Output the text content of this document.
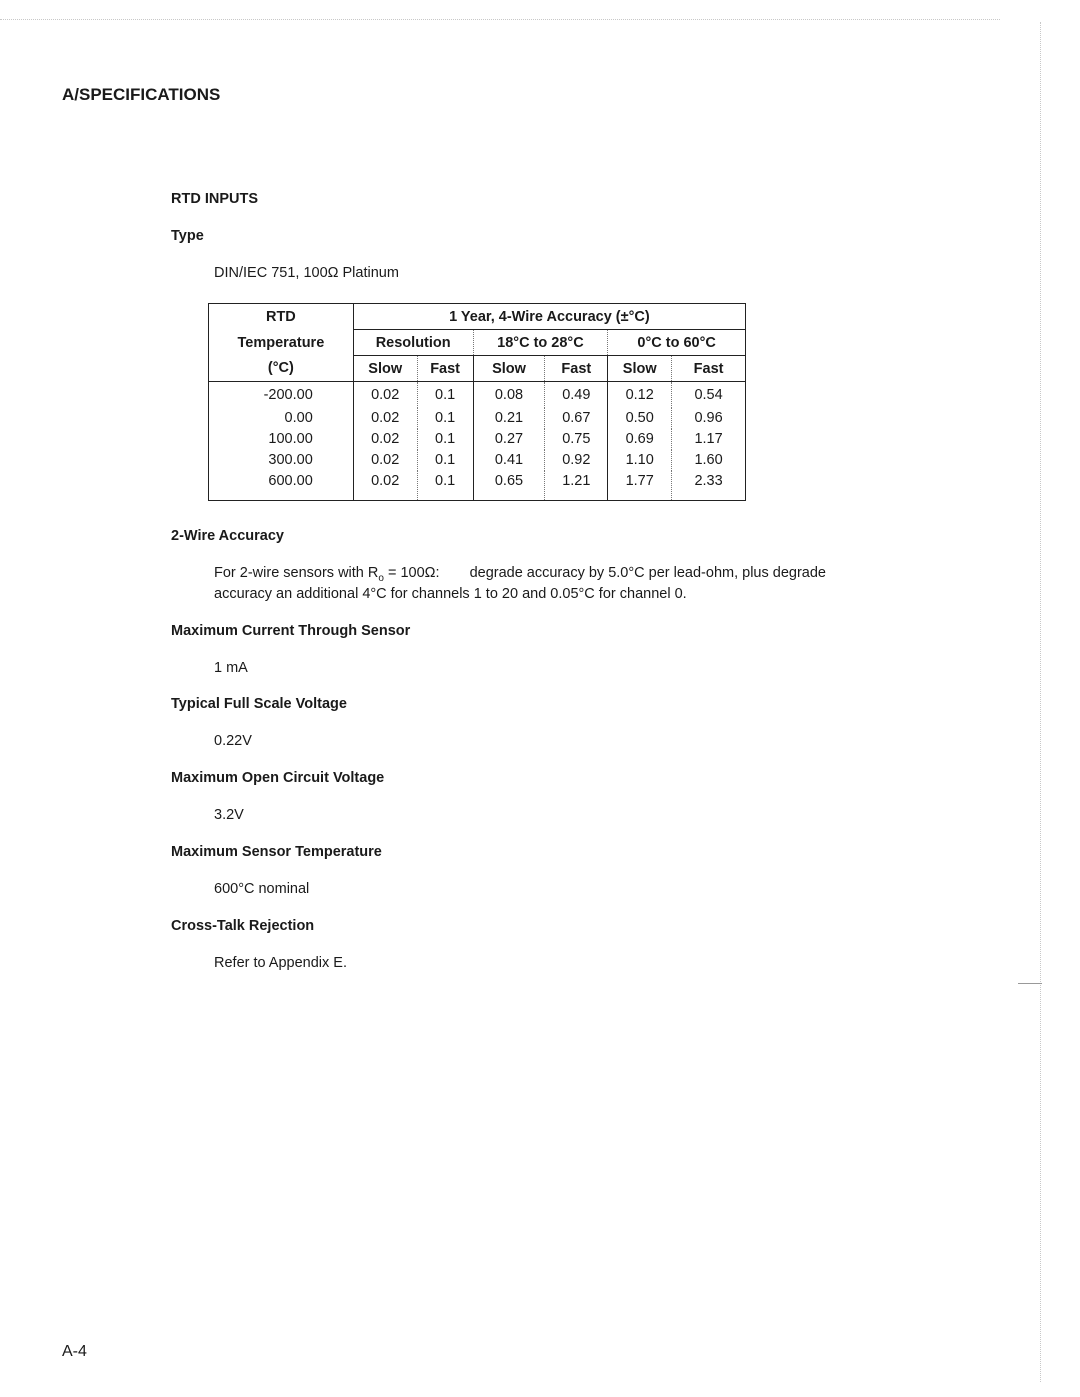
A/SPECIFICATIONS
RTD INPUTS
Type
DIN/IEC 751, 100Ω Platinum
RTD	1 Year, 4-Wire Accuracy (±°C)					
Temperature	Resolution		18°C to 28°C		0°C to 60°C	
(°C)	Slow	Fast	Slow	Fast	Slow	Fast
-200.00	0.02	0.1	0.08	0.49	0.12	0.54
0.00	0.02	0.1	0.21	0.67	0.50	0.96
100.00	0.02	0.1	0.27	0.75	0.69	1.17
300.00	0.02	0.1	0.41	0.92	1.10	1.60
600.00	0.02	0.1	0.65	1.21	1.77	2.33
2-Wire Accuracy
For 2-wire sensors with $R_o = 100\Omega$: degrade accuracy by 5.0°C per lead-ohm, plus degrade
accuracy an additional 4°C for channels 1 to 20 and 0.05°C for channel 0.
Maximum Current Through Sensor
1 mA
Typical Full Scale Voltage
0.22V
Maximum Open Circuit Voltage
3.2V
Maximum Sensor Temperature
600°C nominal
Cross-Talk Rejection
Refer to Appendix E.
A-4
